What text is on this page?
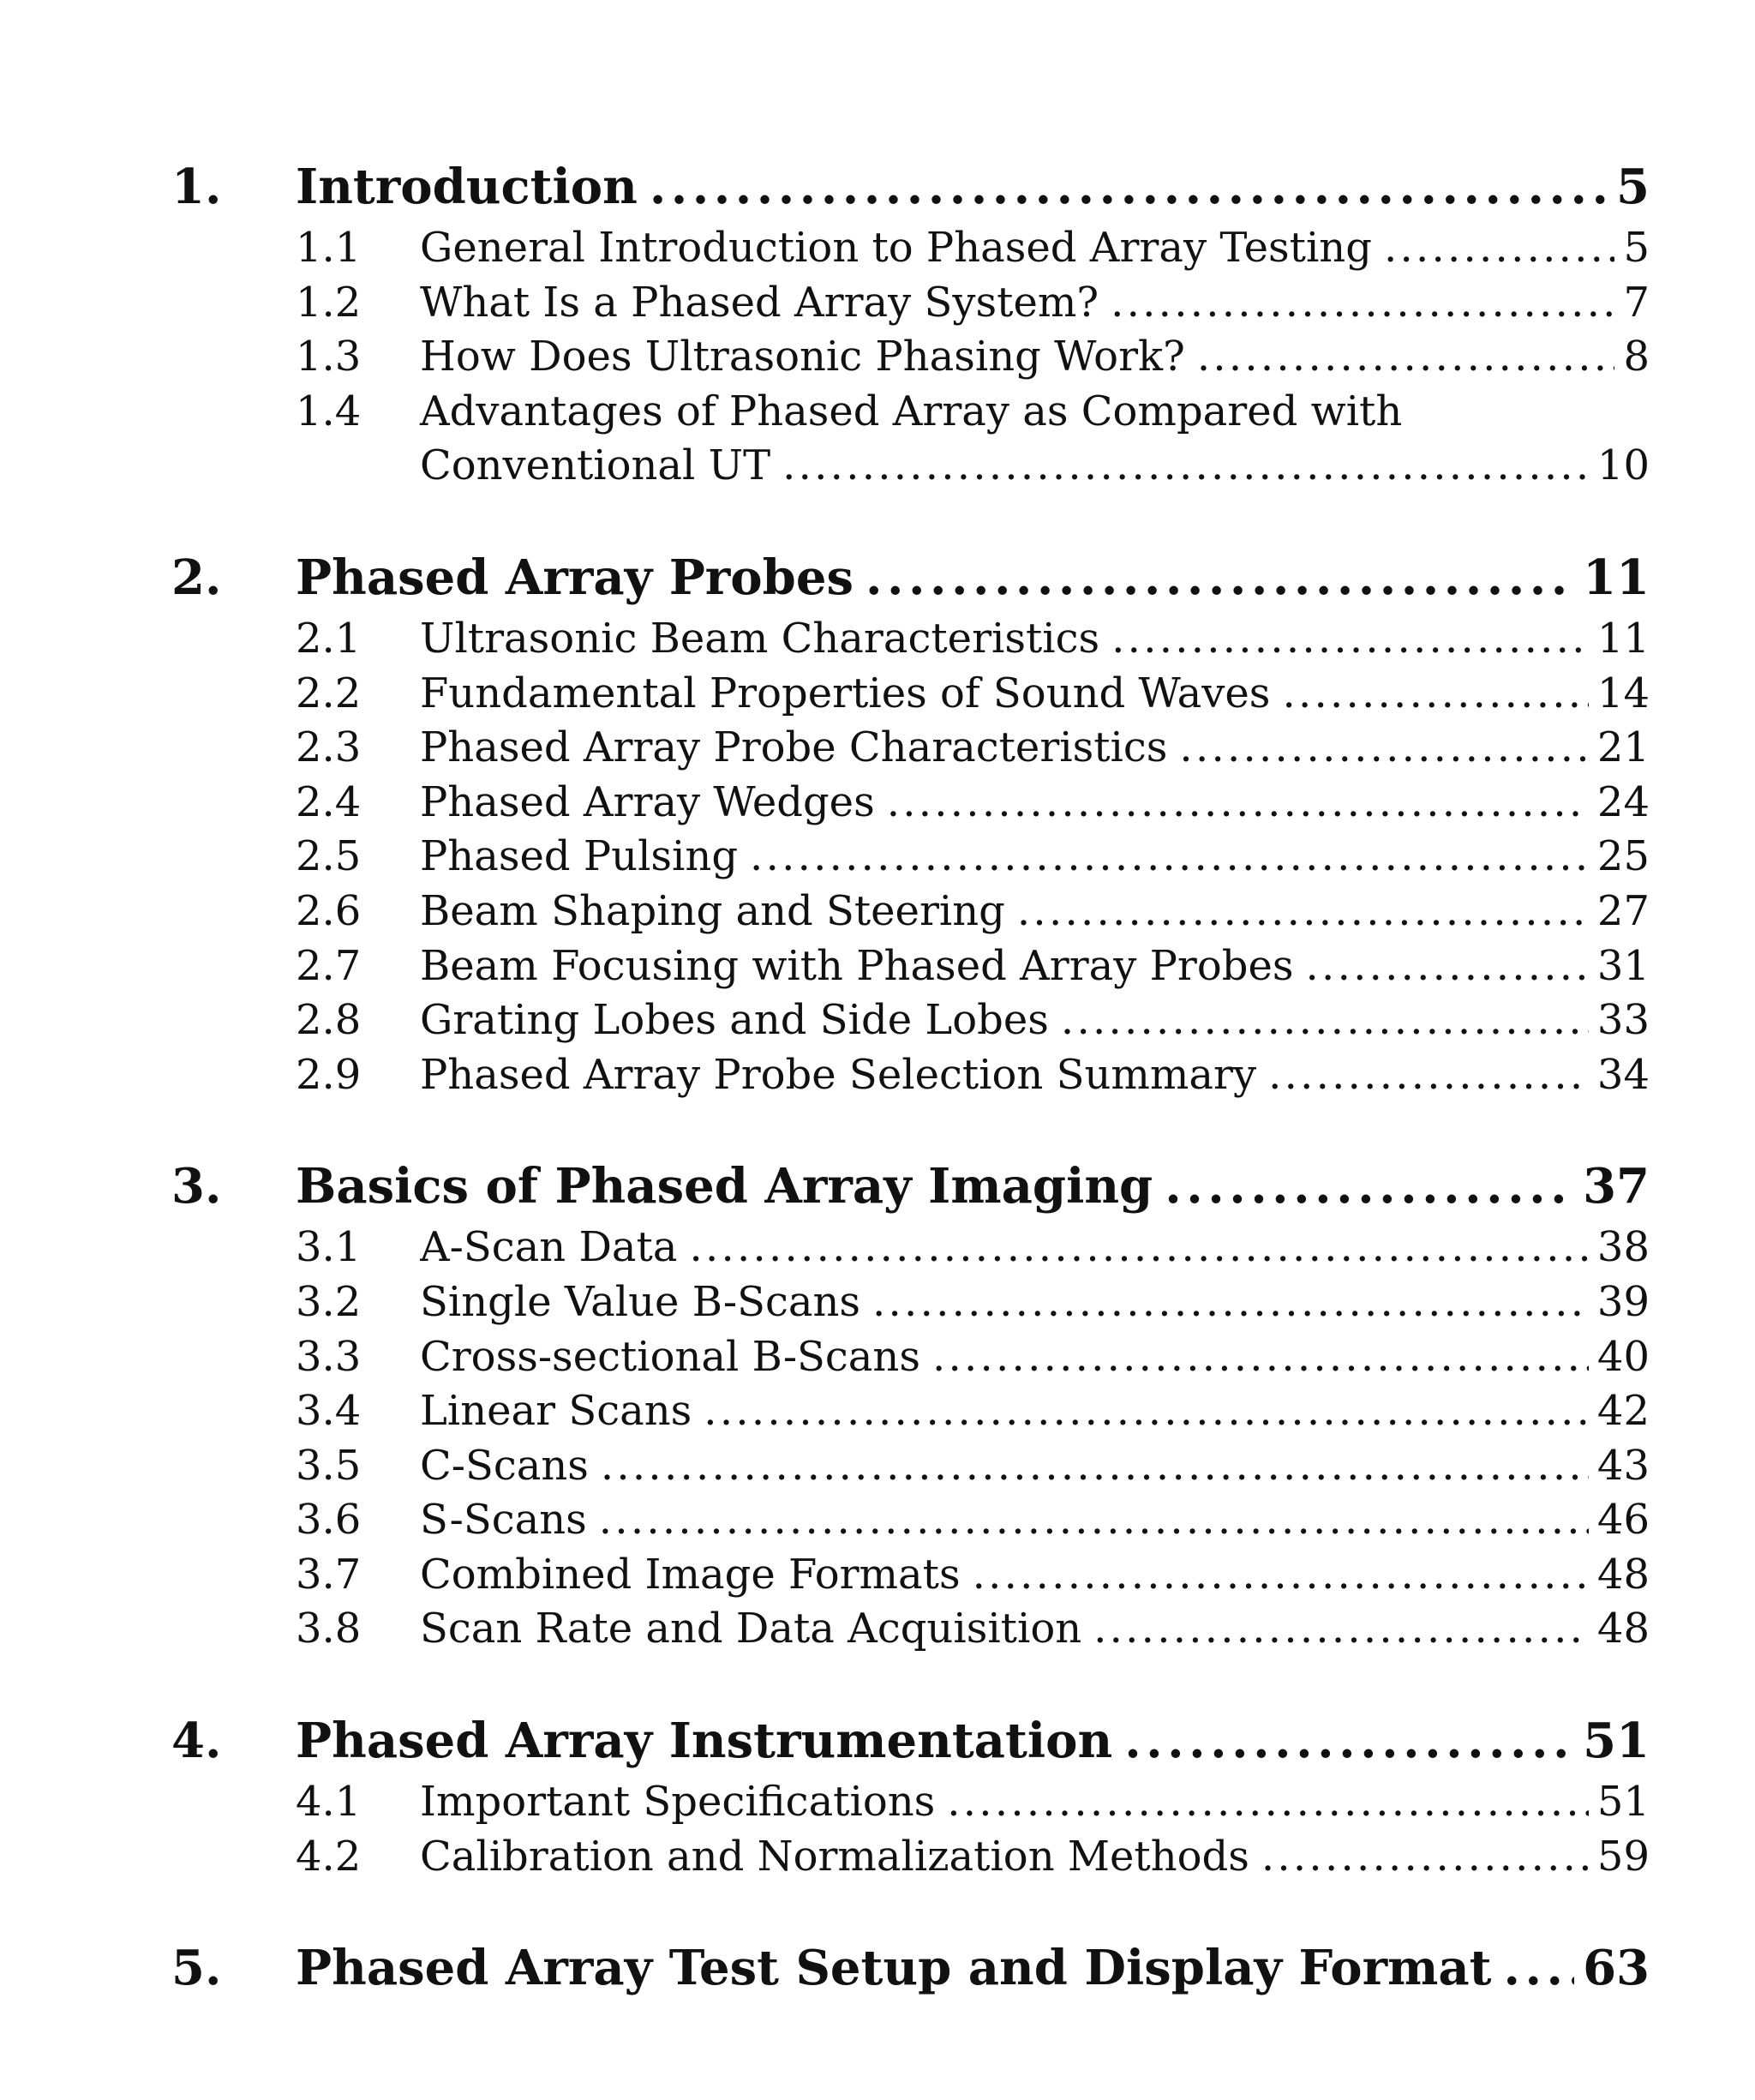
1.	Introduction . . .	5
1.1	General Introduction to Phased Array Testing . . .	5
1.2	What Is a Phased Array System? . . .	7
1.3	How Does Ultrasonic Phasing Work? . . .	8
1.4	Advantages of Phased Array as Compared with
Conventional UT . . .	10
2.	Phased Array Probes . . .	11
2.1	Ultrasonic Beam Characteristics . . .	11
2.2	Fundamental Properties of Sound Waves . . .	14
2.3	Phased Array Probe Characteristics . . .	21
2.4	Phased Array Wedges . . .	24
2.5	Phased Pulsing . . .	25
2.6	Beam Shaping and Steering . . .	27
2.7	Beam Focusing with Phased Array Probes . . .	31
2.8	Grating Lobes and Side Lobes . . .	33
2.9	Phased Array Probe Selection Summary . . .	34
3.	Basics of Phased Array Imaging . . .	37
3.1	A-Scan Data . . .	38
3.2	Single Value B-Scans . . .	39
3.3	Cross-sectional B-Scans . . .	40
3.4	Linear Scans . . .	42
3.5	C-Scans . . .	43
3.6	S-Scans . . .	46
3.7	Combined Image Formats . . .	48
3.8	Scan Rate and Data Acquisition . . .	48
4.	Phased Array Instrumentation . . .	51
4.1	Important Specifications . . .	51
4.2	Calibration and Normalization Methods . . .	59
5.	Phased Array Test Setup and Display Format . . . 63
